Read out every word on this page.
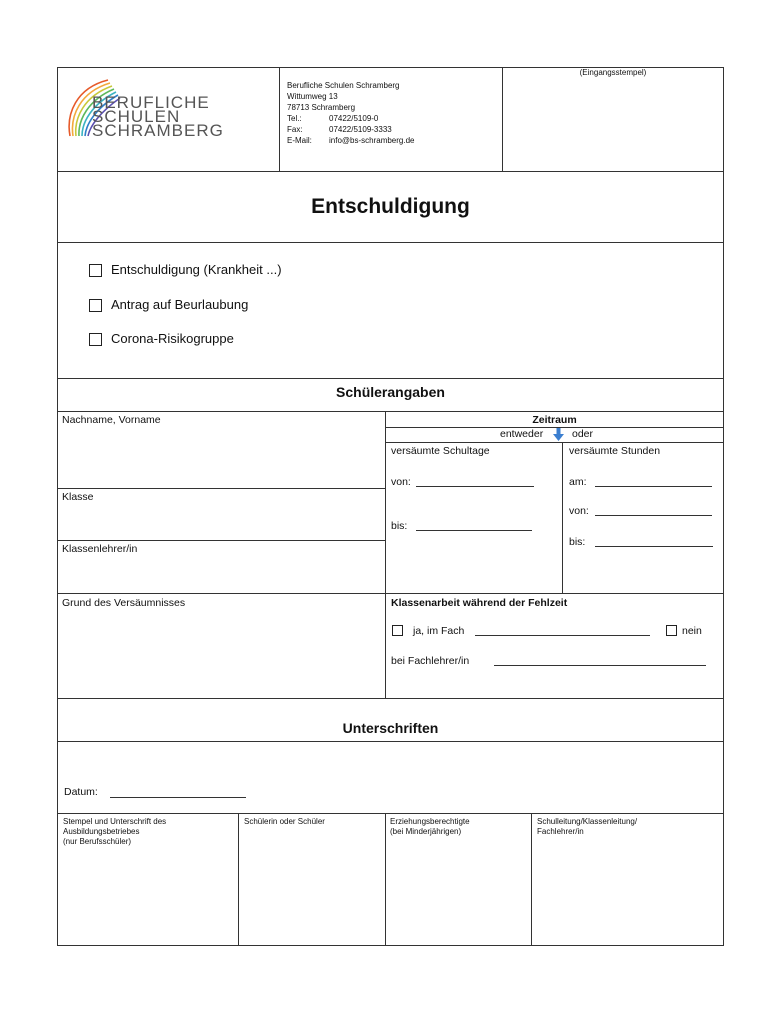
BERUFLICHE
SCHULEN
SCHRAMBERG
Berufliche Schulen Schramberg
Wittumweg 13
78713 Schramberg
Tel.:	07422/5109-0
Fax:	07422/5109-3333
E-Mail: info@bs-schramberg.de
(Eingangsstempel)
Entschuldigung
Entschuldigung (Krankheit ...)
Antrag auf Beurlaubung
Corona-Risikogruppe
Schülerangaben
Nachname, Vorname
Klasse
Klassenlehrer/in
Zeitraum
entweder	oder
versäumte Schultage
von:
bis:
versäumte Stunden
am:
von:
bis:
Grund des Versäumnisses	Klassenarbeit während der Fehlzeit
ja, im Fach	nein
bei Fachlehrer/in
Unterschriften
Datum:
Stempel und Unterschrift des
Ausbildungsbetriebes
(nur Berufsschüler)
Schülerin oder Schüler	Erziehungsberechtigte
(bei Minderjährigen)
Schulleitung/Klassenleitung/
Fachlehrer/in
